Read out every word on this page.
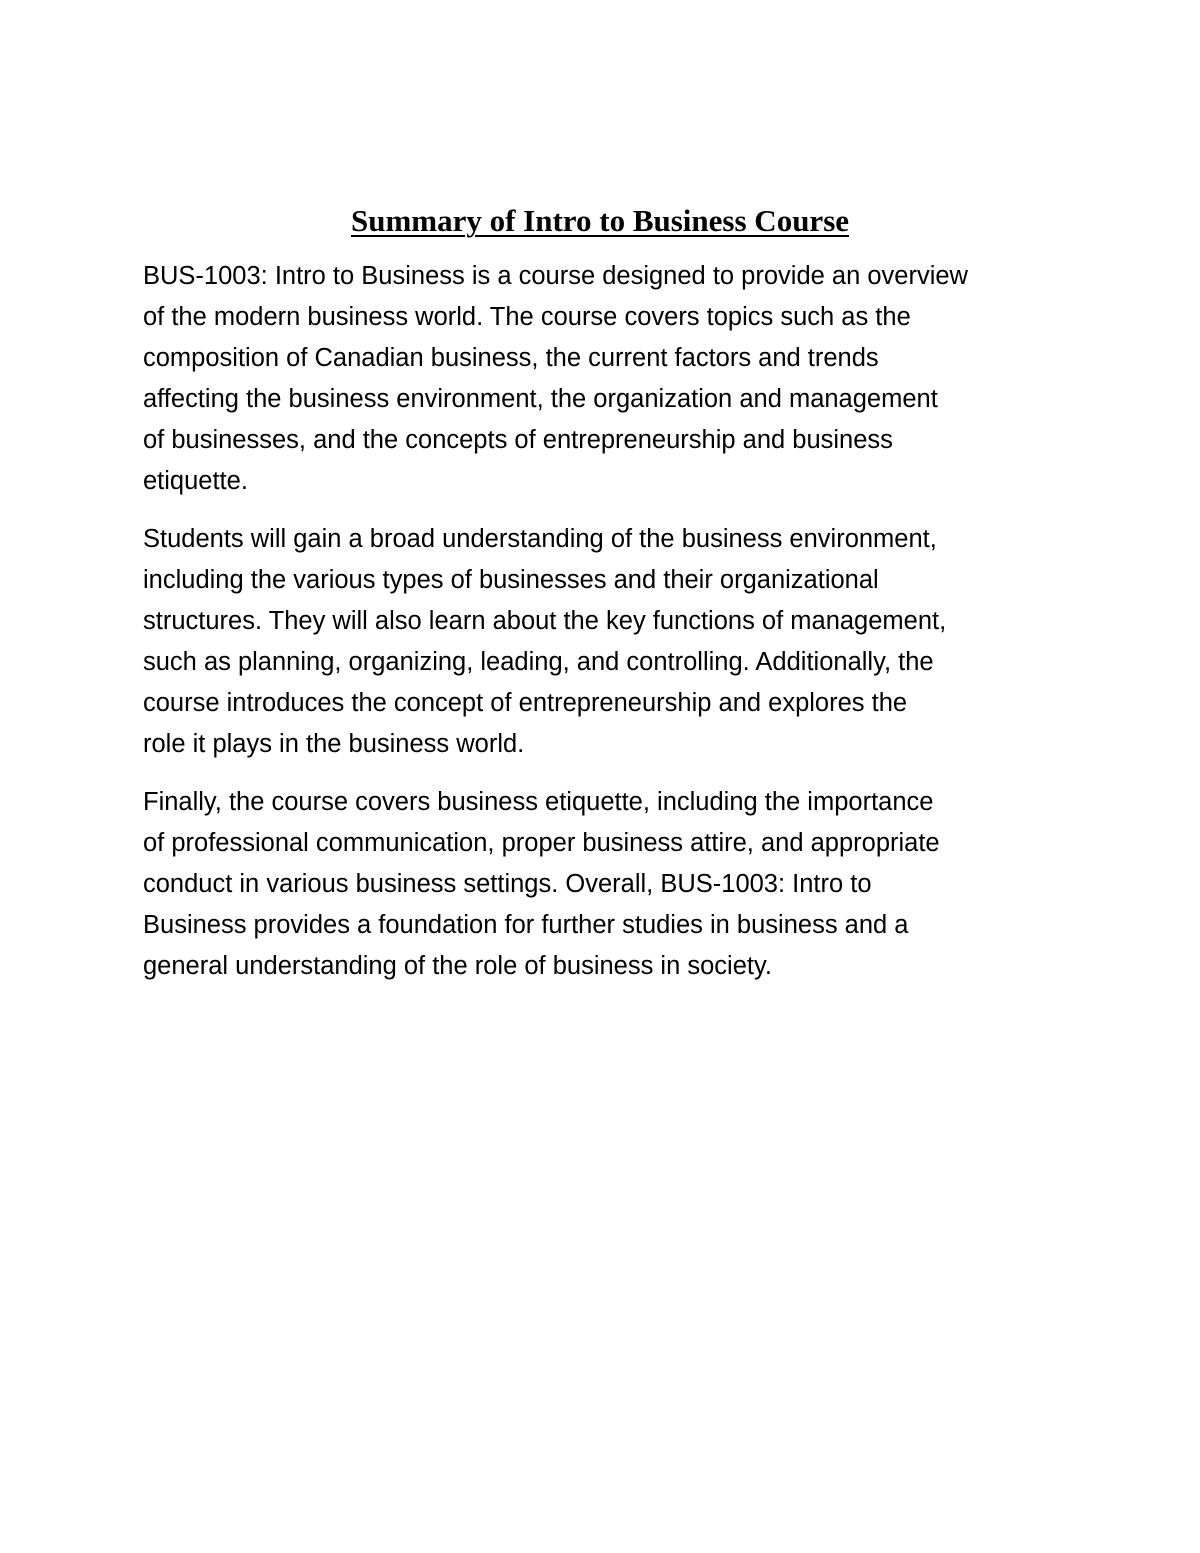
Summary of Intro to Business Course

BUS-1003: Intro to Business is a course designed to provide an overview
of the modern business world. The course covers topics such as the
composition of Canadian business, the current factors and trends
affecting the business environment, the organization and management
of businesses, and the concepts of entrepreneurship and business
etiquette.

Students will gain a broad understanding of the business environment,
including the various types of businesses and their organizational
structures. They will also learn about the key functions of management,
such as planning, organizing, leading, and controlling. Additionally, the
course introduces the concept of entrepreneurship and explores the
role it plays in the business world.

Finally, the course covers business etiquette, including the importance
of professional communication, proper business attire, and appropriate
conduct in various business settings. Overall, BUS-1003: Intro to
Business provides a foundation for further studies in business and a
general understanding of the role of business in society.
